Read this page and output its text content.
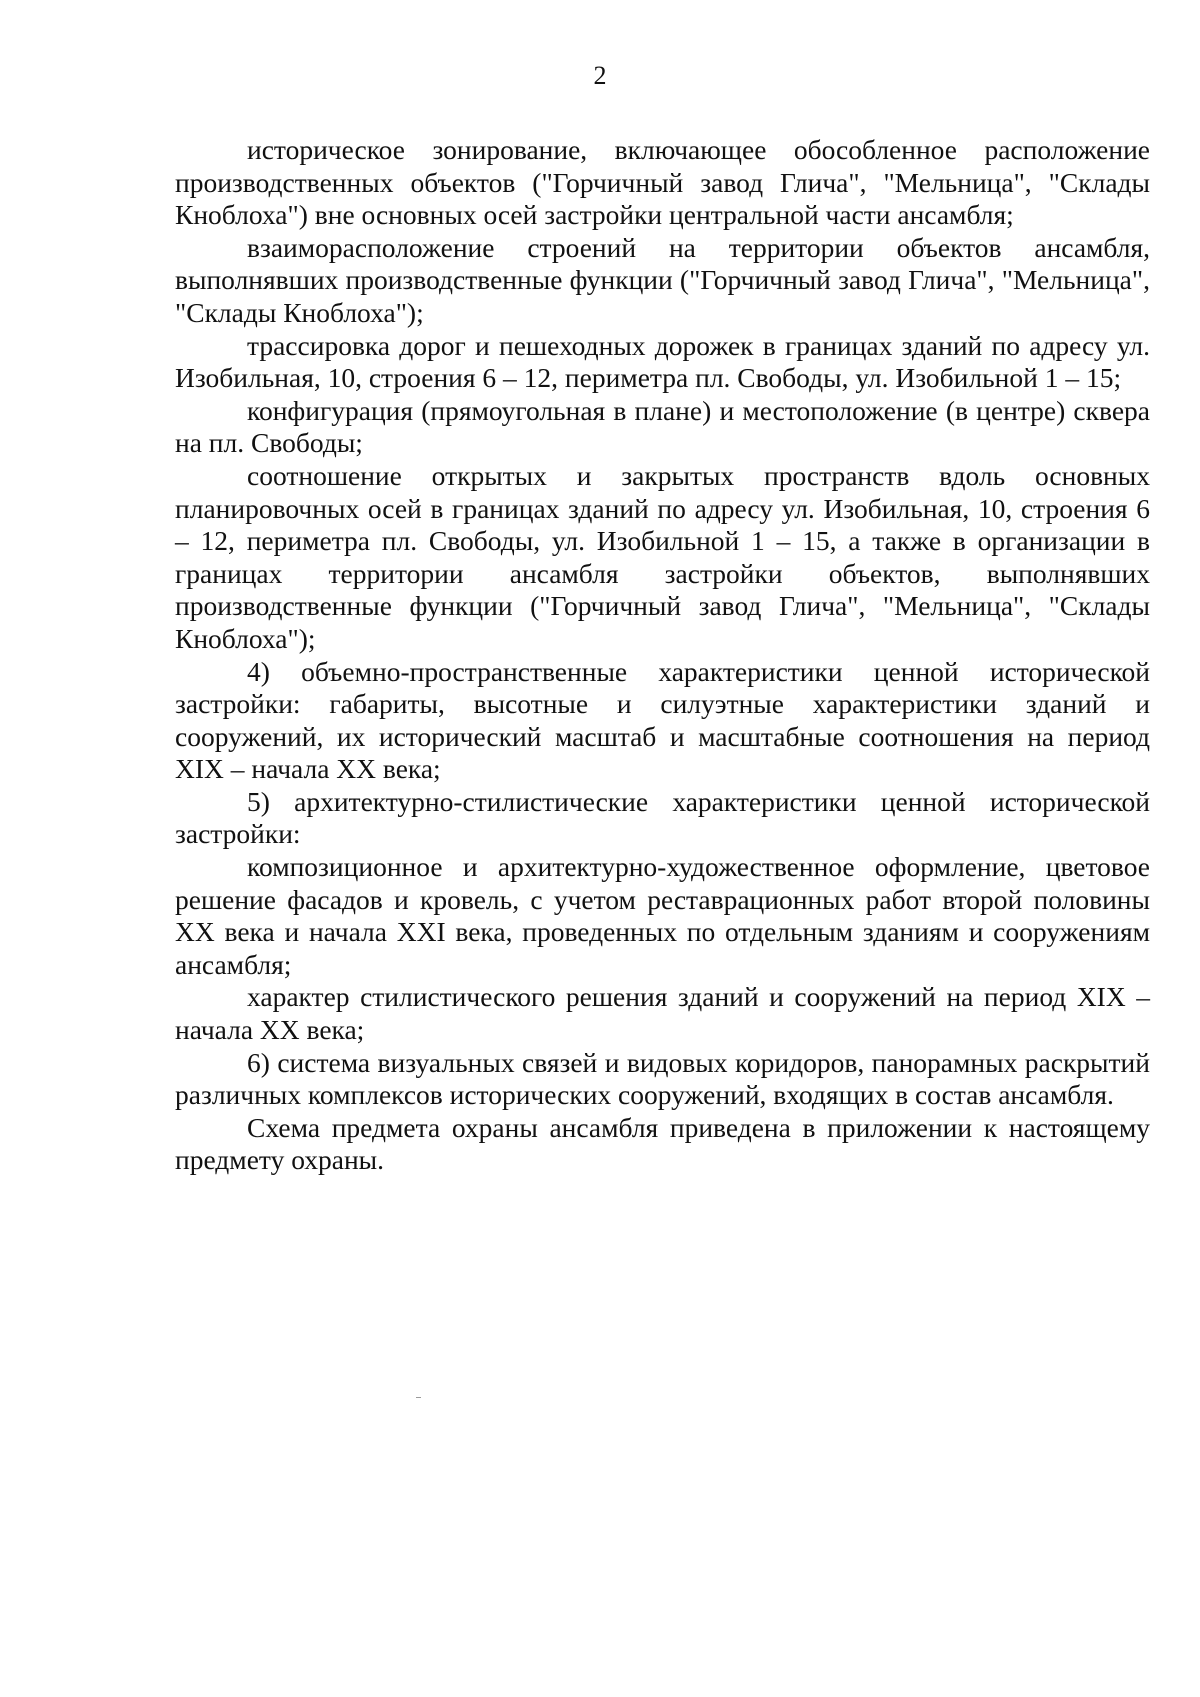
2

историческое зонирование, включающее обособленное расположение производственных объектов ("Горчичный завод Глича", "Мельница", "Склады Кноблоха") вне основных осей застройки центральной части ансамбля;

взаиморасположение строений на территории объектов ансамбля, выполнявших производственные функции ("Горчичный завод Глича", "Мельница", "Склады Кноблоха");

трассировка дорог и пешеходных дорожек в границах зданий по адресу ул. Изобильная, 10, строения 6 – 12, периметра пл. Свободы, ул. Изобильной 1 – 15;

конфигурация (прямоугольная в плане) и местоположение (в центре) сквера на пл. Свободы;

соотношение открытых и закрытых пространств вдоль основных планировочных осей в границах зданий по адресу ул. Изобильная, 10, строения 6 – 12, периметра пл. Свободы, ул. Изобильной 1 – 15, а также в организации в границах территории ансамбля застройки объектов, выполнявших производственные функции ("Горчичный завод Глича", "Мельница", "Склады Кноблоха");

4) объемно-пространственные характеристики ценной исторической застройки: габариты, высотные и силуэтные характеристики зданий и сооружений, их исторический масштаб и масштабные соотношения на период XIX – начала XX века;

5) архитектурно-стилистические характеристики ценной исторической застройки:

композиционное и архитектурно-художественное оформление, цветовое решение фасадов и кровель, с учетом реставрационных работ второй половины XX века и начала XXI века, проведенных по отдельным зданиям и сооружениям ансамбля;

характер стилистического решения зданий и сооружений на период XIX – начала XX века;

6) система визуальных связей и видовых коридоров, панорамных раскрытий различных комплексов исторических сооружений, входящих в состав ансамбля.

Схема предмета охраны ансамбля приведена в приложении к настоящему предмету охраны.
